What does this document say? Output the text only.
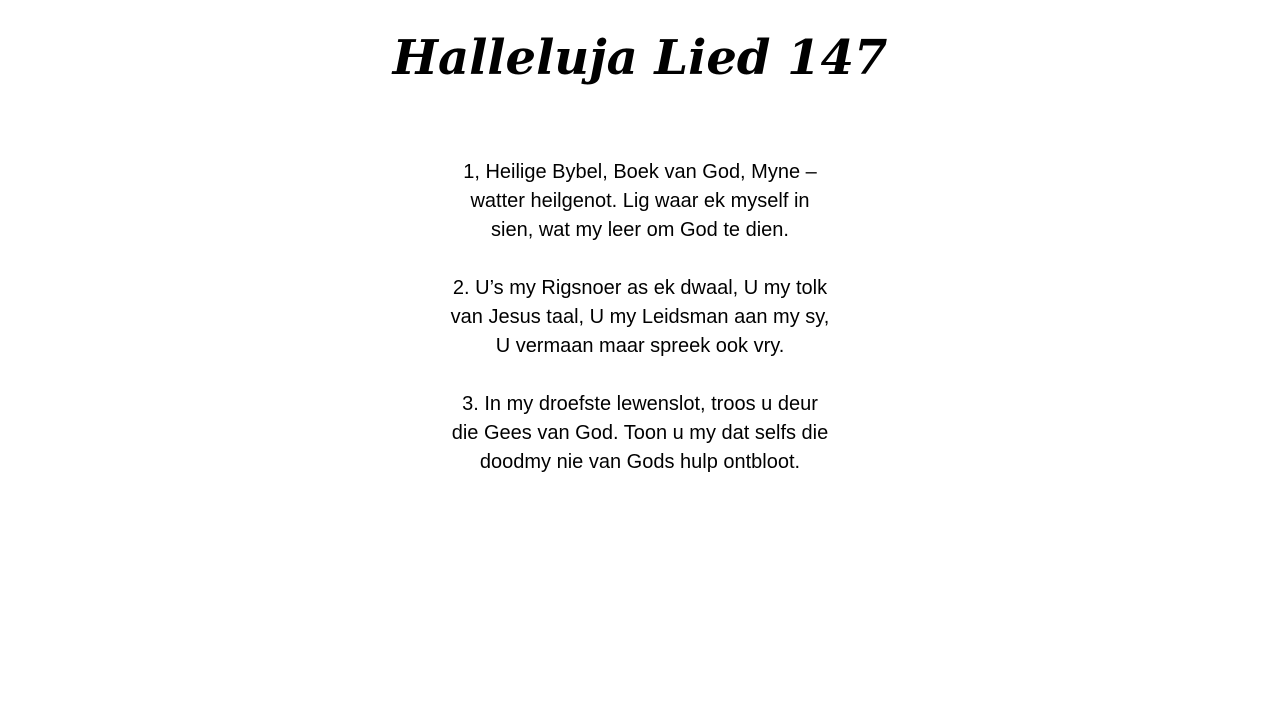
Halleluja Lied 147
1, Heilige Bybel, Boek van God, Myne –
watter heilgenot. Lig waar ek myself in
sien, wat my leer om God te dien.
2. U’s my Rigsnoer as ek dwaal, U my tolk
van Jesus taal, U my Leidsman aan my sy,
U vermaan maar spreek ook vry.
3. In my droefste lewenslot, troos u deur
die Gees van God. Toon u my dat selfs die
doodmy nie van Gods hulp ontbloot.
